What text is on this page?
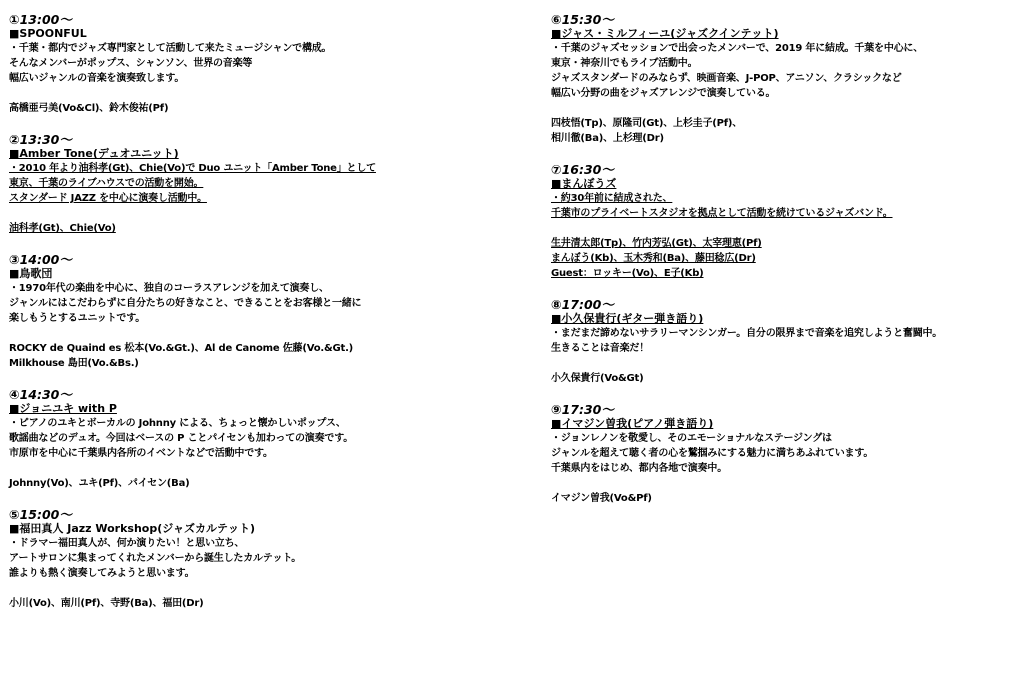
①13:00～

■SPOONFUL

・千葉・都内でジャズ専門家として活動して来たミュージシャンで構成。

そんなメンバーがポップス、シャンソン、世界の音楽等

幅広いジャンルの音楽を演奏致します。

高橋亜弓美(Vo&Cl)、鈴木俊祐(Pf)

②13:30～

■Amber Tone(デュオユニット)

・2010 年より油科孝(Gt)、Chie(Vo)で Duo ユニット「Amber Tone」として

東京、千葉のライブハウスでの活動を開始。

スタンダード JAZZ を中心に演奏し活動中。

油科孝(Gt)、Chie(Vo)

③14:00～

■鳥歌団

・1970年代の楽曲を中心に、独自のコーラスアレンジを加えて演奏し、

ジャンルにはこだわらずに自分たちの好きなこと、できることをお客様と一緒に

楽しもうとするユニットです。

ROCKY de Quaind es 松本(Vo.&Gt.)、Al de Canome 佐藤(Vo.&Gt.)

Milkhouse 島田(Vo.&Bs.)

④14:30～

■ジョニユキ with P

・ピアノのユキとボーカルの Johnny による、ちょっと懐かしいポップス、

歌謡曲などのデュオ。今回はベースの P ことパイセンも加わっての演奏です。

市原市を中心に千葉県内各所のイベントなどで活動中です。

Johnny(Vo)、ユキ(Pf)、パイセン(Ba)

⑤15:00～

■福田真人 Jazz Workshop(ジャズカルテット)

・ドラマー福田真人が、何か演りたい！と思い立ち、

アートサロンに集まってくれたメンバーから誕生したカルテット。

誰よりも熱く演奏してみようと思います。

小川(Vo)、南川(Pf)、寺野(Ba)、福田(Dr)

⑥15:30～

■ジャス・ミルフィーユ(ジャズクインテット)

・千葉のジャズセッションで出会ったメンバーで、2019 年に結成。千葉を中心に、

東京・神奈川でもライブ活動中。

ジャズスタンダードのみならず、映画音楽、J-POP、アニソン、クラシックなど

幅広い分野の曲をジャズアレンジで演奏している。

四枝悟(Tp)、原隆司(Gt)、上杉圭子(Pf)、

相川徹(Ba)、上杉理(Dr)

⑦16:30～

■まんぼうズ

・約30年前に結成された、

千葉市のプライベートスタジオを拠点として活動を続けているジャズバンド。

生井清太郎(Tp)、竹内芳弘(Gt)、太宰理恵(Pf)

まんぼう(Kb)、玉木秀和(Ba)、藤田稔広(Dr)

Guest：ロッキー(Vo)、E子(Kb)

⑧17:00～

■小久保貴行(ギター弾き語り)

・まだまだ諦めないサラリーマンシンガー。自分の限界まで音楽を追究しようと奮闘中。

生きることは音楽だ！

小久保貴行(Vo&Gt)

⑨17:30～

■イマジン曽我(ピアノ弾き語り)

・ジョンレノンを敬愛し、そのエモーショナルなステージングは

ジャンルを超えて聴く者の心を鷲掴みにする魅力に満ちあふれています。

千葉県内をはじめ、都内各地で演奏中。

イマジン曽我(Vo&Pf)
